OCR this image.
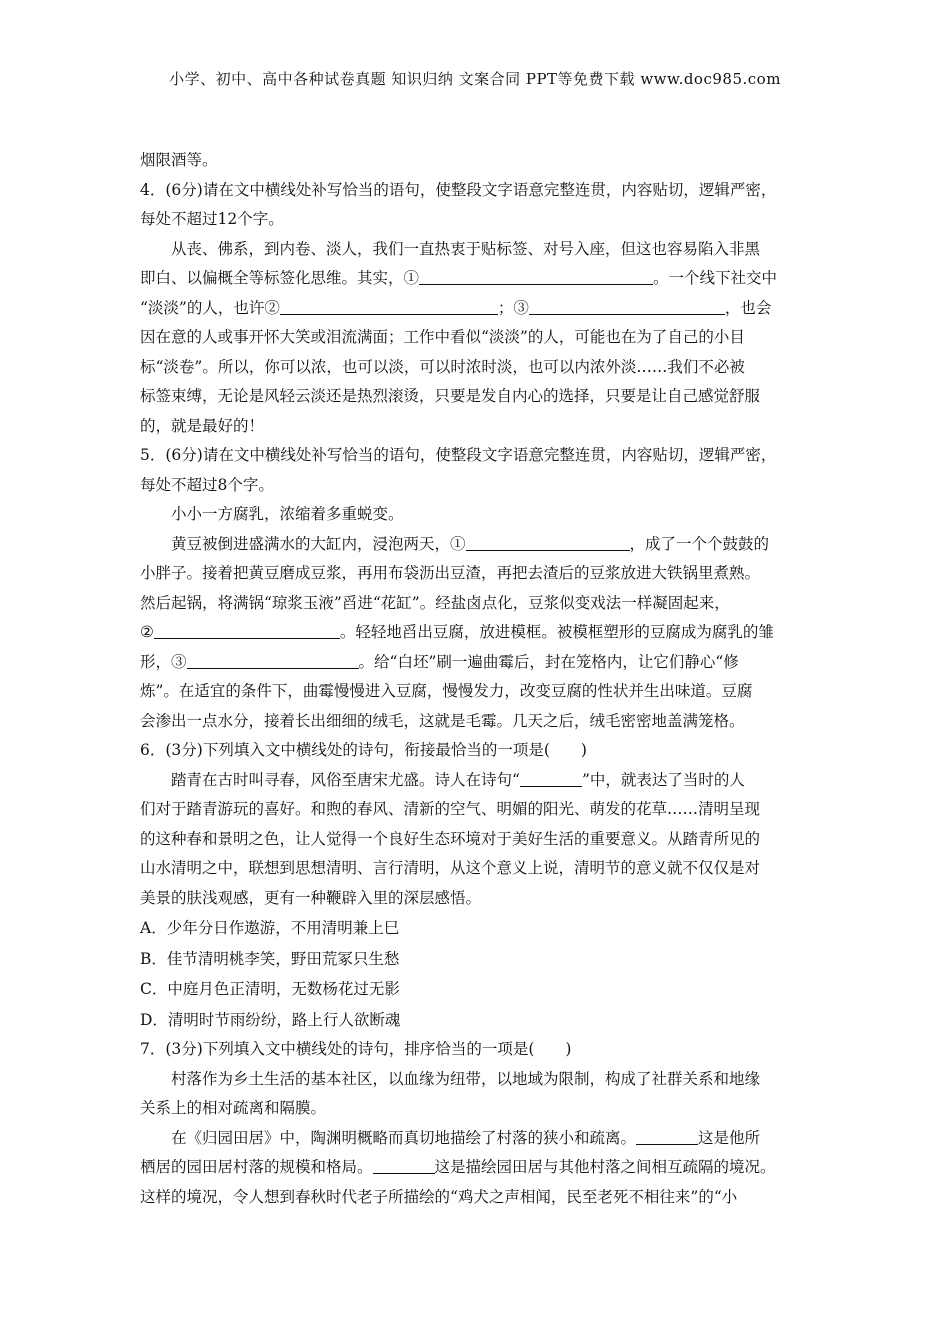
小学、初中、高中各种试卷真题 知识归纳 文案合同 PPT等免费下载 www.doc985.com
烟限酒等。
4．(6分)请在文中横线处补写恰当的语句，使整段文字语意完整连贯，内容贴切，逻辑严密，
每处不超过12个字。
从丧、佛系，到内卷、淡人，我们一直热衷于贴标签、对号入座，但这也容易陷入非黑
即白、以偏概全等标签化思维。其实，①	。一个线下社交中
“淡淡”的人，也许②	；③	，也会
因在意的人或事开怀大笑或泪流满面；工作中看似“淡淡”的人，可能也在为了自己的小目
标“淡卷”。所以，你可以浓，也可以淡，可以时浓时淡，也可以内浓外淡……我们不必被
标签束缚，无论是风轻云淡还是热烈滚烫，只要是发自内心的选择，只要是让自己感觉舒服
的，就是最好的！
5．(6分)请在文中横线处补写恰当的语句，使整段文字语意完整连贯，内容贴切，逻辑严密，
每处不超过8个字。
小小一方腐乳，浓缩着多重蜕变。
黄豆被倒进盛满水的大缸内，浸泡两天，①	，成了一个个鼓鼓的
小胖子。接着把黄豆磨成豆浆，再用布袋沥出豆渣，再把去渣后的豆浆放进大铁锅里煮熟。
然后起锅，将满锅“琼浆玉液”舀进“花缸”。经盐卤点化，豆浆似变戏法一样凝固起来，
②	。轻轻地舀出豆腐，放进模框。被模框塑形的豆腐成为腐乳的雏
形，③	。给“白坯”刷一遍曲霉后，封在笼格内，让它们静心“修
炼”。在适宜的条件下，曲霉慢慢进入豆腐，慢慢发力，改变豆腐的性状并生出味道。豆腐
会渗出一点水分，接着长出细细的绒毛，这就是毛霉。几天之后，绒毛密密地盖满笼格。
6．(3分)下列填入文中横线处的诗句，衔接最恰当的一项是(　　)
踏青在古时叫寻春，风俗至唐宋尤盛。诗人在诗句“	”中，就表达了当时的人
们对于踏青游玩的喜好。和煦的春风、清新的空气、明媚的阳光、萌发的花草……清明呈现
的这种春和景明之色，让人觉得一个良好生态环境对于美好生活的重要意义。从踏青所见的
山水清明之中，联想到思想清明、言行清明，从这个意义上说，清明节的意义就不仅仅是对
美景的肤浅观感，更有一种鞭辟入里的深层感悟。
A．少年分日作遨游，不用清明兼上巳
B．佳节清明桃李笑，野田荒冢只生愁
C．中庭月色正清明，无数杨花过无影
D．清明时节雨纷纷，路上行人欲断魂
7．(3分)下列填入文中横线处的诗句，排序恰当的一项是(　　)
村落作为乡土生活的基本社区，以血缘为纽带，以地域为限制，构成了社群关系和地缘
关系上的相对疏离和隔膜。
在《归园田居》中，陶渊明概略而真切地描绘了村落的狭小和疏离。	这是他所
栖居的园田居村落的规模和格局。	这是描绘园田居与其他村落之间相互疏隔的境况。
这样的境况，令人想到春秋时代老子所描绘的“鸡犬之声相闻，民至老死不相往来”的“小
